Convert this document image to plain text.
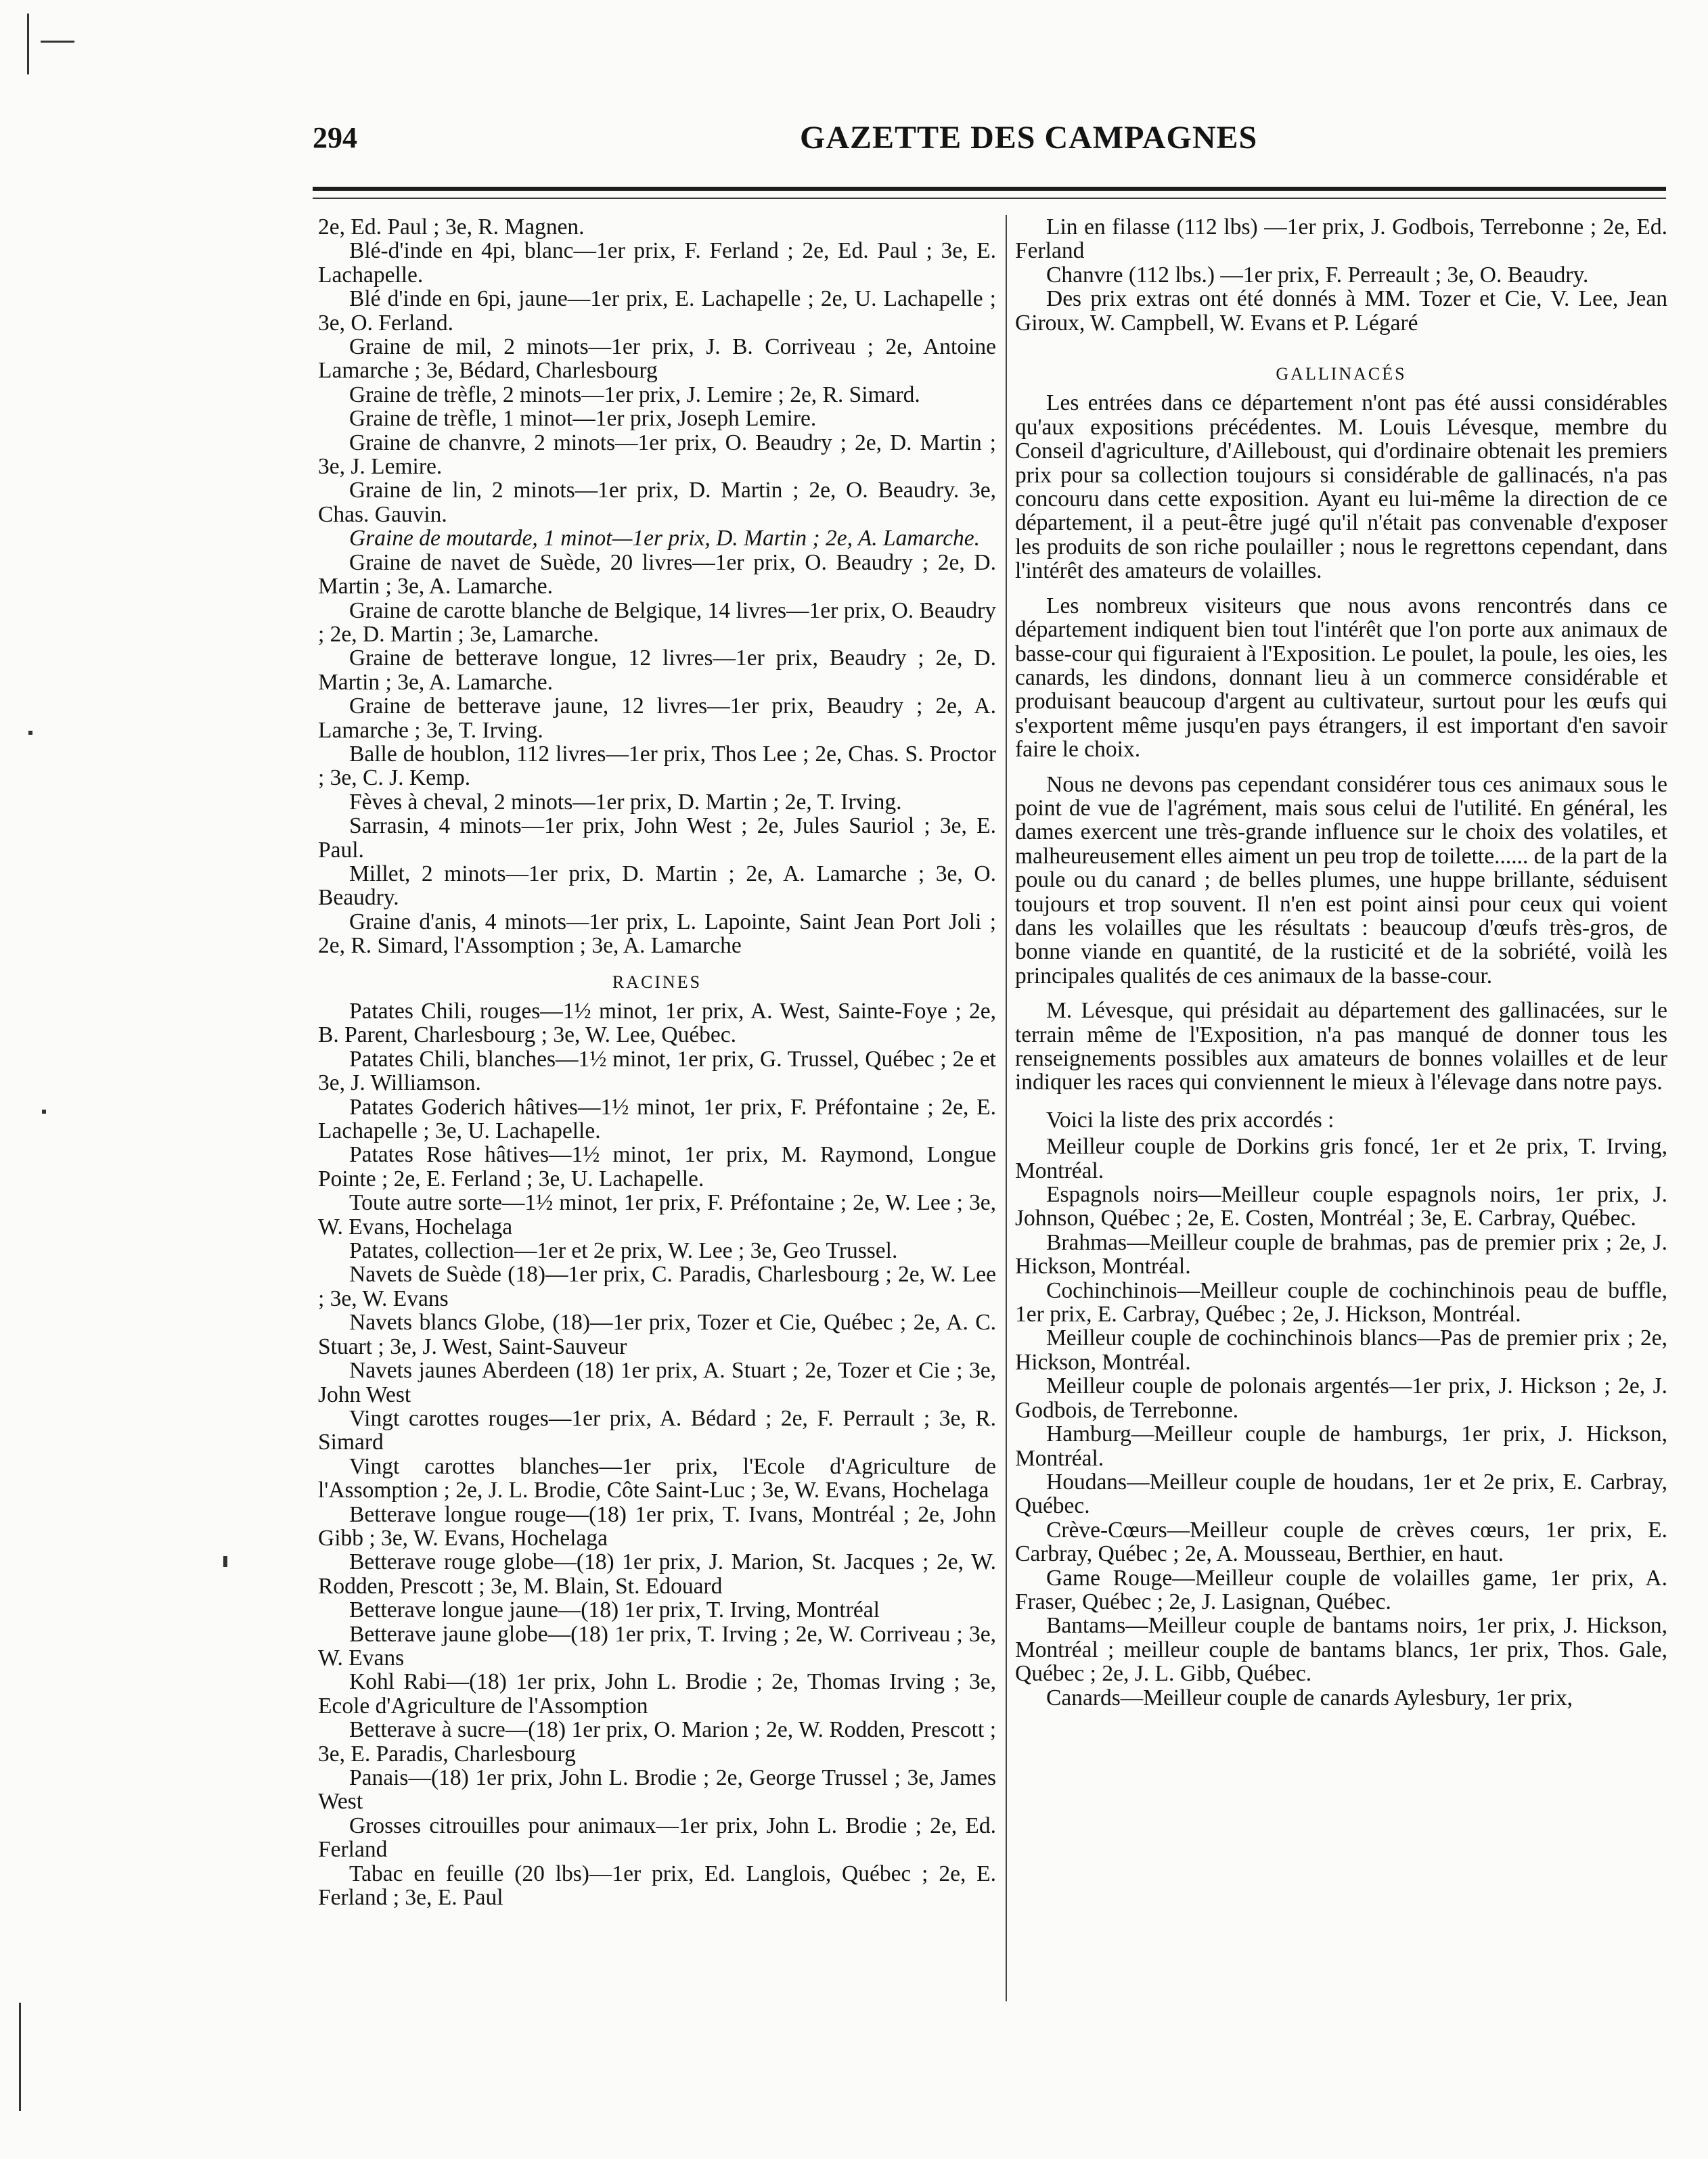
294	GAZETTE DES CAMPAGNES

2e, Ed. Paul ; 3e, R. Magnen.

Blé-d'inde en 4pi, blanc—1er prix, F. Ferland ; 2e, Ed. Paul ; 3e, E. Lachapelle.

Blé d'inde en 6pi, jaune—1er prix, E. Lachapelle ; 2e, U. Lachapelle ; 3e, O. Ferland.

Graine de mil, 2 minots—1er prix, J. B. Corriveau ; 2e, Antoine Lamarche ; 3e, Bédard, Charlesbourg

Graine de trèfle, 2 minots—1er prix, J. Lemire ; 2e, R. Simard.

Graine de trèfle, 1 minot—1er prix, Joseph Lemire.

Graine de chanvre, 2 minots—1er prix, O. Beaudry ; 2e, D. Martin ; 3e, J. Lemire.

Graine de lin, 2 minots—1er prix, D. Martin ; 2e, O. Beaudry. 3e, Chas. Gauvin.

Graine de moutarde, 1 minot—1er prix, D. Martin ; 2e, A. Lamarche.

Graine de navet de Suède, 20 livres—1er prix, O. Beaudry ; 2e, D. Martin ; 3e, A. Lamarche.

Graine de carotte blanche de Belgique, 14 livres—1er prix, O. Beaudry ; 2e, D. Martin ; 3e, Lamarche.

Graine de betterave longue, 12 livres—1er prix, Beaudry ; 2e, D. Martin ; 3e, A. Lamarche.

Graine de betterave jaune, 12 livres—1er prix, Beaudry ; 2e, A. Lamarche ; 3e, T. Irving.

Balle de houblon, 112 livres—1er prix, Thos Lee ; 2e, Chas. S. Proctor ; 3e, C. J. Kemp.

Fèves à cheval, 2 minots—1er prix, D. Martin ; 2e, T. Irving.

Sarrasin, 4 minots—1er prix, John West ; 2e, Jules Sauriol ; 3e, E. Paul.

Millet, 2 minots—1er prix, D. Martin ; 2e, A. Lamarche ; 3e, O. Beaudry.

Graine d'anis, 4 minots—1er prix, L. Lapointe, Saint Jean Port Joli ; 2e, R. Simard, l'Assomption ; 3e, A. Lamarche

RACINES

Patates Chili, rouges—1½ minot, 1er prix, A. West, Sainte-Foye ; 2e, B. Parent, Charlesbourg ; 3e, W. Lee, Québec.

Patates Chili, blanches—1½ minot, 1er prix, G. Trussel, Québec ; 2e et 3e, J. Williamson.

Patates Goderich hâtives—1½ minot, 1er prix, F. Préfontaine ; 2e, E. Lachapelle ; 3e, U. Lachapelle.

Patates Rose hâtives—1½ minot, 1er prix, M. Raymond, Longue Pointe ; 2e, E. Ferland ; 3e, U. Lachapelle.

Toute autre sorte—1½ minot, 1er prix, F. Préfontaine ; 2e, W. Lee ; 3e, W. Evans, Hochelaga

Patates, collection—1er et 2e prix, W. Lee ; 3e, Geo Trussel.

Navets de Suède (18)—1er prix, C. Paradis, Charlesbourg ; 2e, W. Lee ; 3e, W. Evans

Navets blancs Globe, (18)—1er prix, Tozer et Cie, Québec ; 2e, A. C. Stuart ; 3e, J. West, Saint-Sauveur

Navets jaunes Aberdeen (18) 1er prix, A. Stuart ; 2e, Tozer et Cie ; 3e, John West

Vingt carottes rouges—1er prix, A. Bédard ; 2e, F. Perrault ; 3e, R. Simard

Vingt carottes blanches—1er prix, l'Ecole d'Agriculture de l'Assomption ; 2e, J. L. Brodie, Côte Saint-Luc ; 3e, W. Evans, Hochelaga

Betterave longue rouge—(18) 1er prix, T. Ivans, Montréal ; 2e, John Gibb ; 3e, W. Evans, Hochelaga

Betterave rouge globe—(18) 1er prix, J. Marion, St. Jacques ; 2e, W. Rodden, Prescott ; 3e, M. Blain, St. Edouard

Betterave longue jaune—(18) 1er prix, T. Irving, Montréal

Betterave jaune globe—(18) 1er prix, T. Irving ; 2e, W. Corriveau ; 3e, W. Evans

Kohl Rabi—(18) 1er prix, John L. Brodie ; 2e, Thomas Irving ; 3e, Ecole d'Agriculture de l'Assomption

Betterave à sucre—(18) 1er prix, O. Marion ; 2e, W. Rodden, Prescott ; 3e, E. Paradis, Charlesbourg

Panais—(18) 1er prix, John L. Brodie ; 2e, George Trussel ; 3e, James West

Grosses citrouilles pour animaux—1er prix, John L. Brodie ; 2e, Ed. Ferland

Tabac en feuille (20 lbs)—1er prix, Ed. Langlois, Québec ; 2e, E. Ferland ; 3e, E. Paul

Lin en filasse (112 lbs) —1er prix, J. Godbois, Terrebonne ; 2e, Ed. Ferland

Chanvre (112 lbs.) —1er prix, F. Perreault ; 3e, O. Beaudry.

Des prix extras ont été donnés à MM. Tozer et Cie, V. Lee, Jean Giroux, W. Campbell, W. Evans et P. Légaré

GALLINACÉS

Les entrées dans ce département n'ont pas été aussi considérables qu'aux expositions précédentes. M. Louis Lévesque, membre du Conseil d'agriculture, d'Ailleboust, qui d'ordinaire obtenait les premiers prix pour sa collection toujours si considérable de gallinacés, n'a pas concouru dans cette exposition. Ayant eu lui-même la direction de ce département, il a peut-être jugé qu'il n'était pas convenable d'exposer les produits de son riche poulailler ; nous le regrettons cependant, dans l'intérêt des amateurs de volailles.

Les nombreux visiteurs que nous avons rencontrés dans ce département indiquent bien tout l'intérêt que l'on porte aux animaux de basse-cour qui figuraient à l'Exposition. Le poulet, la poule, les oies, les canards, les dindons, donnant lieu à un commerce considérable et produisant beaucoup d'argent au cultivateur, surtout pour les œufs qui s'exportent même jusqu'en pays étrangers, il est important d'en savoir faire le choix.

Nous ne devons pas cependant considérer tous ces animaux sous le point de vue de l'agrément, mais sous celui de l'utilité. En général, les dames exercent une très-grande influence sur le choix des volatiles, et malheureusement elles aiment un peu trop de toilette...... de la part de la poule ou du canard ; de belles plumes, une huppe brillante, séduisent toujours et trop souvent. Il n'en est point ainsi pour ceux qui voient dans les volailles que les résultats : beaucoup d'œufs très-gros, de bonne viande en quantité, de la rusticité et de la sobriété, voilà les principales qualités de ces animaux de la basse-cour.

M. Lévesque, qui présidait au département des gallinacées, sur le terrain même de l'Exposition, n'a pas manqué de donner tous les renseignements possibles aux amateurs de bonnes volailles et de leur indiquer les races qui conviennent le mieux à l'élevage dans notre pays.

Voici la liste des prix accordés :

Meilleur couple de Dorkins gris foncé, 1er et 2e prix, T. Irving, Montréal.

Espagnols noirs—Meilleur couple espagnols noirs, 1er prix, J. Johnson, Québec ; 2e, E. Costen, Montréal ; 3e, E. Carbray, Québec.

Brahmas—Meilleur couple de brahmas, pas de premier prix ; 2e, J. Hickson, Montréal.

Cochinchinois—Meilleur couple de cochinchinois peau de buffle, 1er prix, E. Carbray, Québec ; 2e, J. Hickson, Montréal.

Meilleur couple de cochinchinois blancs—Pas de premier prix ; 2e, Hickson, Montréal.

Meilleur couple de polonais argentés—1er prix, J. Hickson ; 2e, J. Godbois, de Terrebonne.

Hamburg—Meilleur couple de hamburgs, 1er prix, J. Hickson, Montréal.

Houdans—Meilleur couple de houdans, 1er et 2e prix, E. Carbray, Québec.

Crève-Cœurs—Meilleur couple de crèves cœurs, 1er prix, E. Carbray, Québec ; 2e, A. Mousseau, Berthier, en haut.

Game Rouge—Meilleur couple de volailles game, 1er prix, A. Fraser, Québec ; 2e, J. Lasignan, Québec.

Bantams—Meilleur couple de bantams noirs, 1er prix, J. Hickson, Montréal ; meilleur couple de bantams blancs, 1er prix, Thos. Gale, Québec ; 2e, J. L. Gibb, Québec.

Canards—Meilleur couple de canards Aylesbury, 1er prix,
